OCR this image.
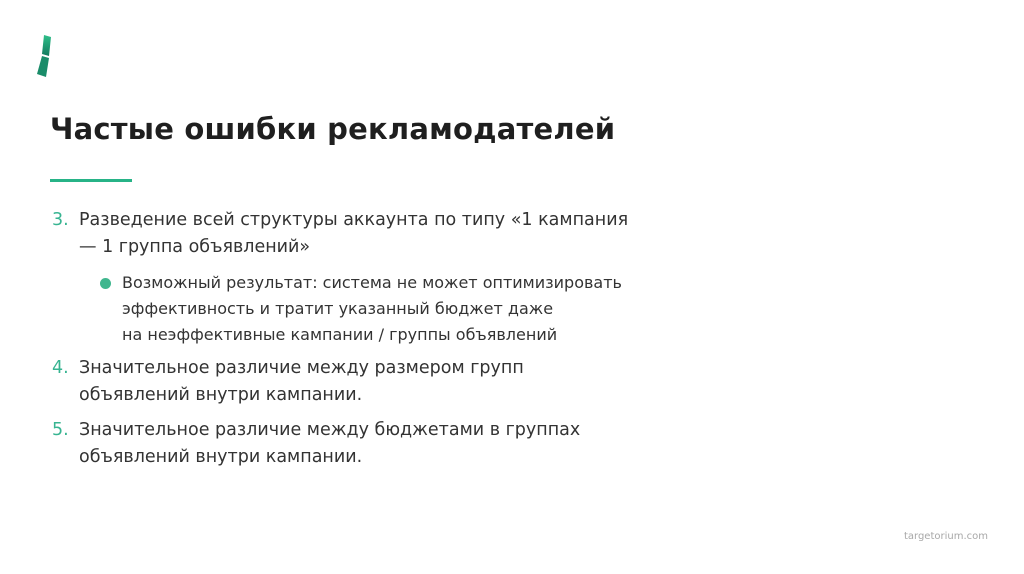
Частые ошибки рекламодателей
3. Разведение всей структуры аккаунта по типу «1 кампания
— 1 группа объявлений»
Возможный результат: система не может оптимизировать
эффективность и тратит указанный бюджет даже
на неэффективные кампании / группы объявлений
4. Значительное различие между размером групп
объявлений внутри кампании.
5. Значительное различие между бюджетами в группах
объявлений внутри кампании.
targetorium.com
